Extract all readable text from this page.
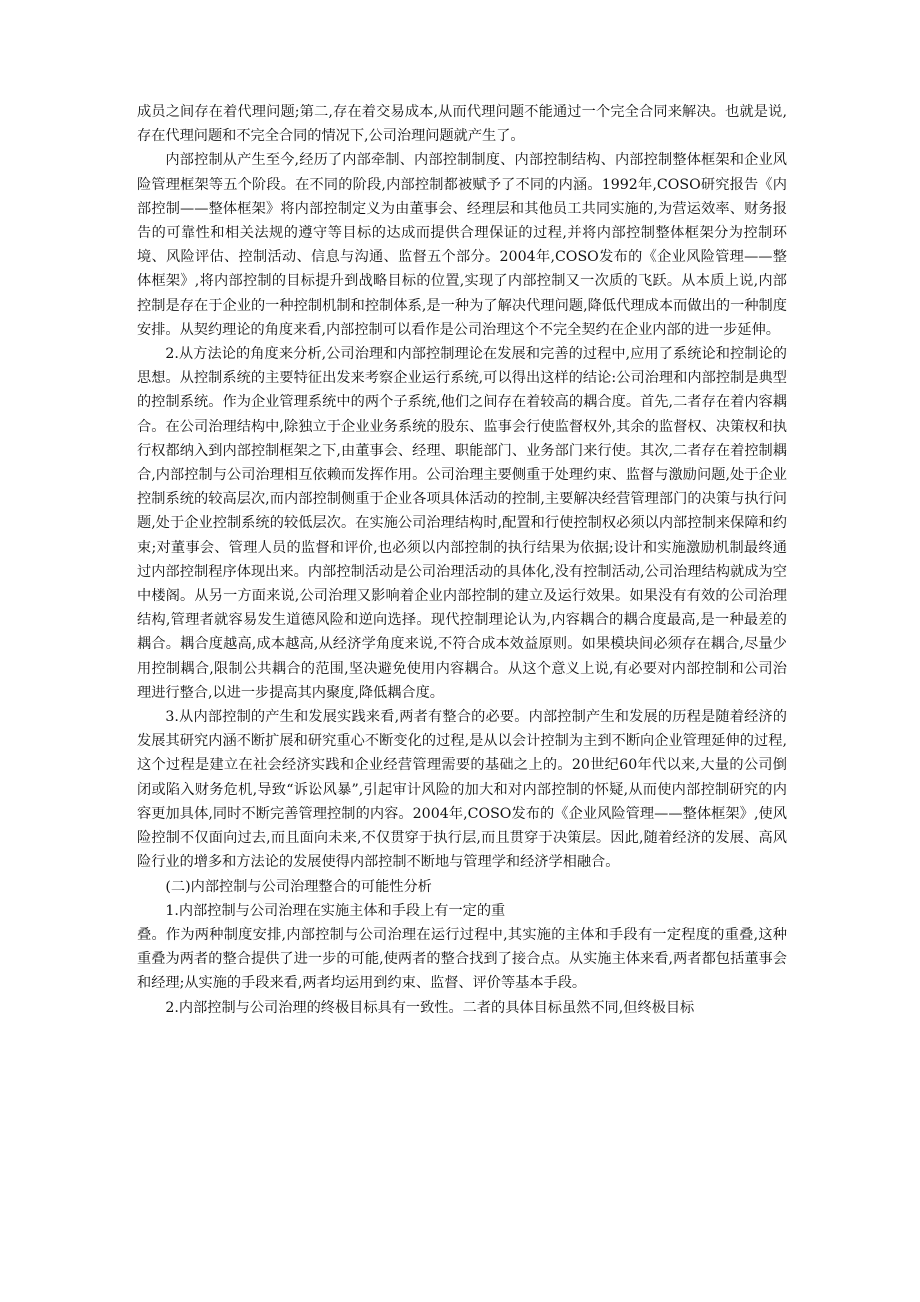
成员之间存在着代理问题;第二,存在着交易成本,从而代理问题不能通过一个完全合同来解决。也就是说,存在代理问题和不完全合同的情况下,公司治理问题就产生了。

内部控制从产生至今,经历了内部牵制、内部控制制度、内部控制结构、内部控制整体框架和企业风险管理框架等五个阶段。在不同的阶段,内部控制都被赋予了不同的内涵。1992年,COSO研究报告《内部控制——整体框架》将内部控制定义为由董事会、经理层和其他员工共同实施的,为营运效率、财务报告的可靠性和相关法规的遵守等目标的达成而提供合理保证的过程,并将内部控制整体框架分为控制环境、风险评估、控制活动、信息与沟通、监督五个部分。2004年,COSO发布的《企业风险管理——整体框架》,将内部控制的目标提升到战略目标的位置,实现了内部控制又一次质的飞跃。从本质上说,内部控制是存在于企业的一种控制机制和控制体系,是一种为了解决代理问题,降低代理成本而做出的一种制度安排。从契约理论的角度来看,内部控制可以看作是公司治理这个不完全契约在企业内部的进一步延伸。

2.从方法论的角度来分析,公司治理和内部控制理论在发展和完善的过程中,应用了系统论和控制论的思想。从控制系统的主要特征出发来考察企业运行系统,可以得出这样的结论:公司治理和内部控制是典型的控制系统。作为企业管理系统中的两个子系统,他们之间存在着较高的耦合度。首先,二者存在着内容耦合。在公司治理结构中,除独立于企业业务系统的股东、监事会行使监督权外,其余的监督权、决策权和执行权都纳入到内部控制框架之下,由董事会、经理、职能部门、业务部门来行使。其次,二者存在着控制耦合,内部控制与公司治理相互依赖而发挥作用。公司治理主要侧重于处理约束、监督与激励问题,处于企业控制系统的较高层次,而内部控制侧重于企业各项具体活动的控制,主要解决经营管理部门的决策与执行问题,处于企业控制系统的较低层次。在实施公司治理结构时,配置和行使控制权必须以内部控制来保障和约束;对董事会、管理人员的监督和评价,也必须以内部控制的执行结果为依据;设计和实施激励机制最终通过内部控制程序体现出来。内部控制活动是公司治理活动的具体化,没有控制活动,公司治理结构就成为空中楼阁。从另一方面来说,公司治理又影响着企业内部控制的建立及运行效果。如果没有有效的公司治理结构,管理者就容易发生道德风险和逆向选择。现代控制理论认为,内容耦合的耦合度最高,是一种最差的耦合。耦合度越高,成本越高,从经济学角度来说,不符合成本效益原则。如果模块间必须存在耦合,尽量少用控制耦合,限制公共耦合的范围,坚决避免使用内容耦合。从这个意义上说,有必要对内部控制和公司治理进行整合,以进一步提高其内聚度,降低耦合度。

3.从内部控制的产生和发展实践来看,两者有整合的必要。内部控制产生和发展的历程是随着经济的发展其研究内涵不断扩展和研究重心不断变化的过程,是从以会计控制为主到不断向企业管理延伸的过程,这个过程是建立在社会经济实践和企业经营管理需要的基础之上的。20世纪60年代以来,大量的公司倒闭或陷入财务危机,导致“诉讼风暴”,引起审计风险的加大和对内部控制的怀疑,从而使内部控制研究的内容更加具体,同时不断完善管理控制的内容。2004年,COSO发布的《企业风险管理——整体框架》,使风险控制不仅面向过去,而且面向未来,不仅贯穿于执行层,而且贯穿于决策层。因此,随着经济的发展、高风险行业的增多和方法论的发展使得内部控制不断地与管理学和经济学相融合。

(二)内部控制与公司治理整合的可能性分析

1.内部控制与公司治理在实施主体和手段上有一定的重

叠。作为两种制度安排,内部控制与公司治理在运行过程中,其实施的主体和手段有一定程度的重叠,这种重叠为两者的整合提供了进一步的可能,使两者的整合找到了接合点。从实施主体来看,两者都包括董事会和经理;从实施的手段来看,两者均运用到约束、监督、评价等基本手段。

2.内部控制与公司治理的终极目标具有一致性。二者的具体目标虽然不同,但终极目标
